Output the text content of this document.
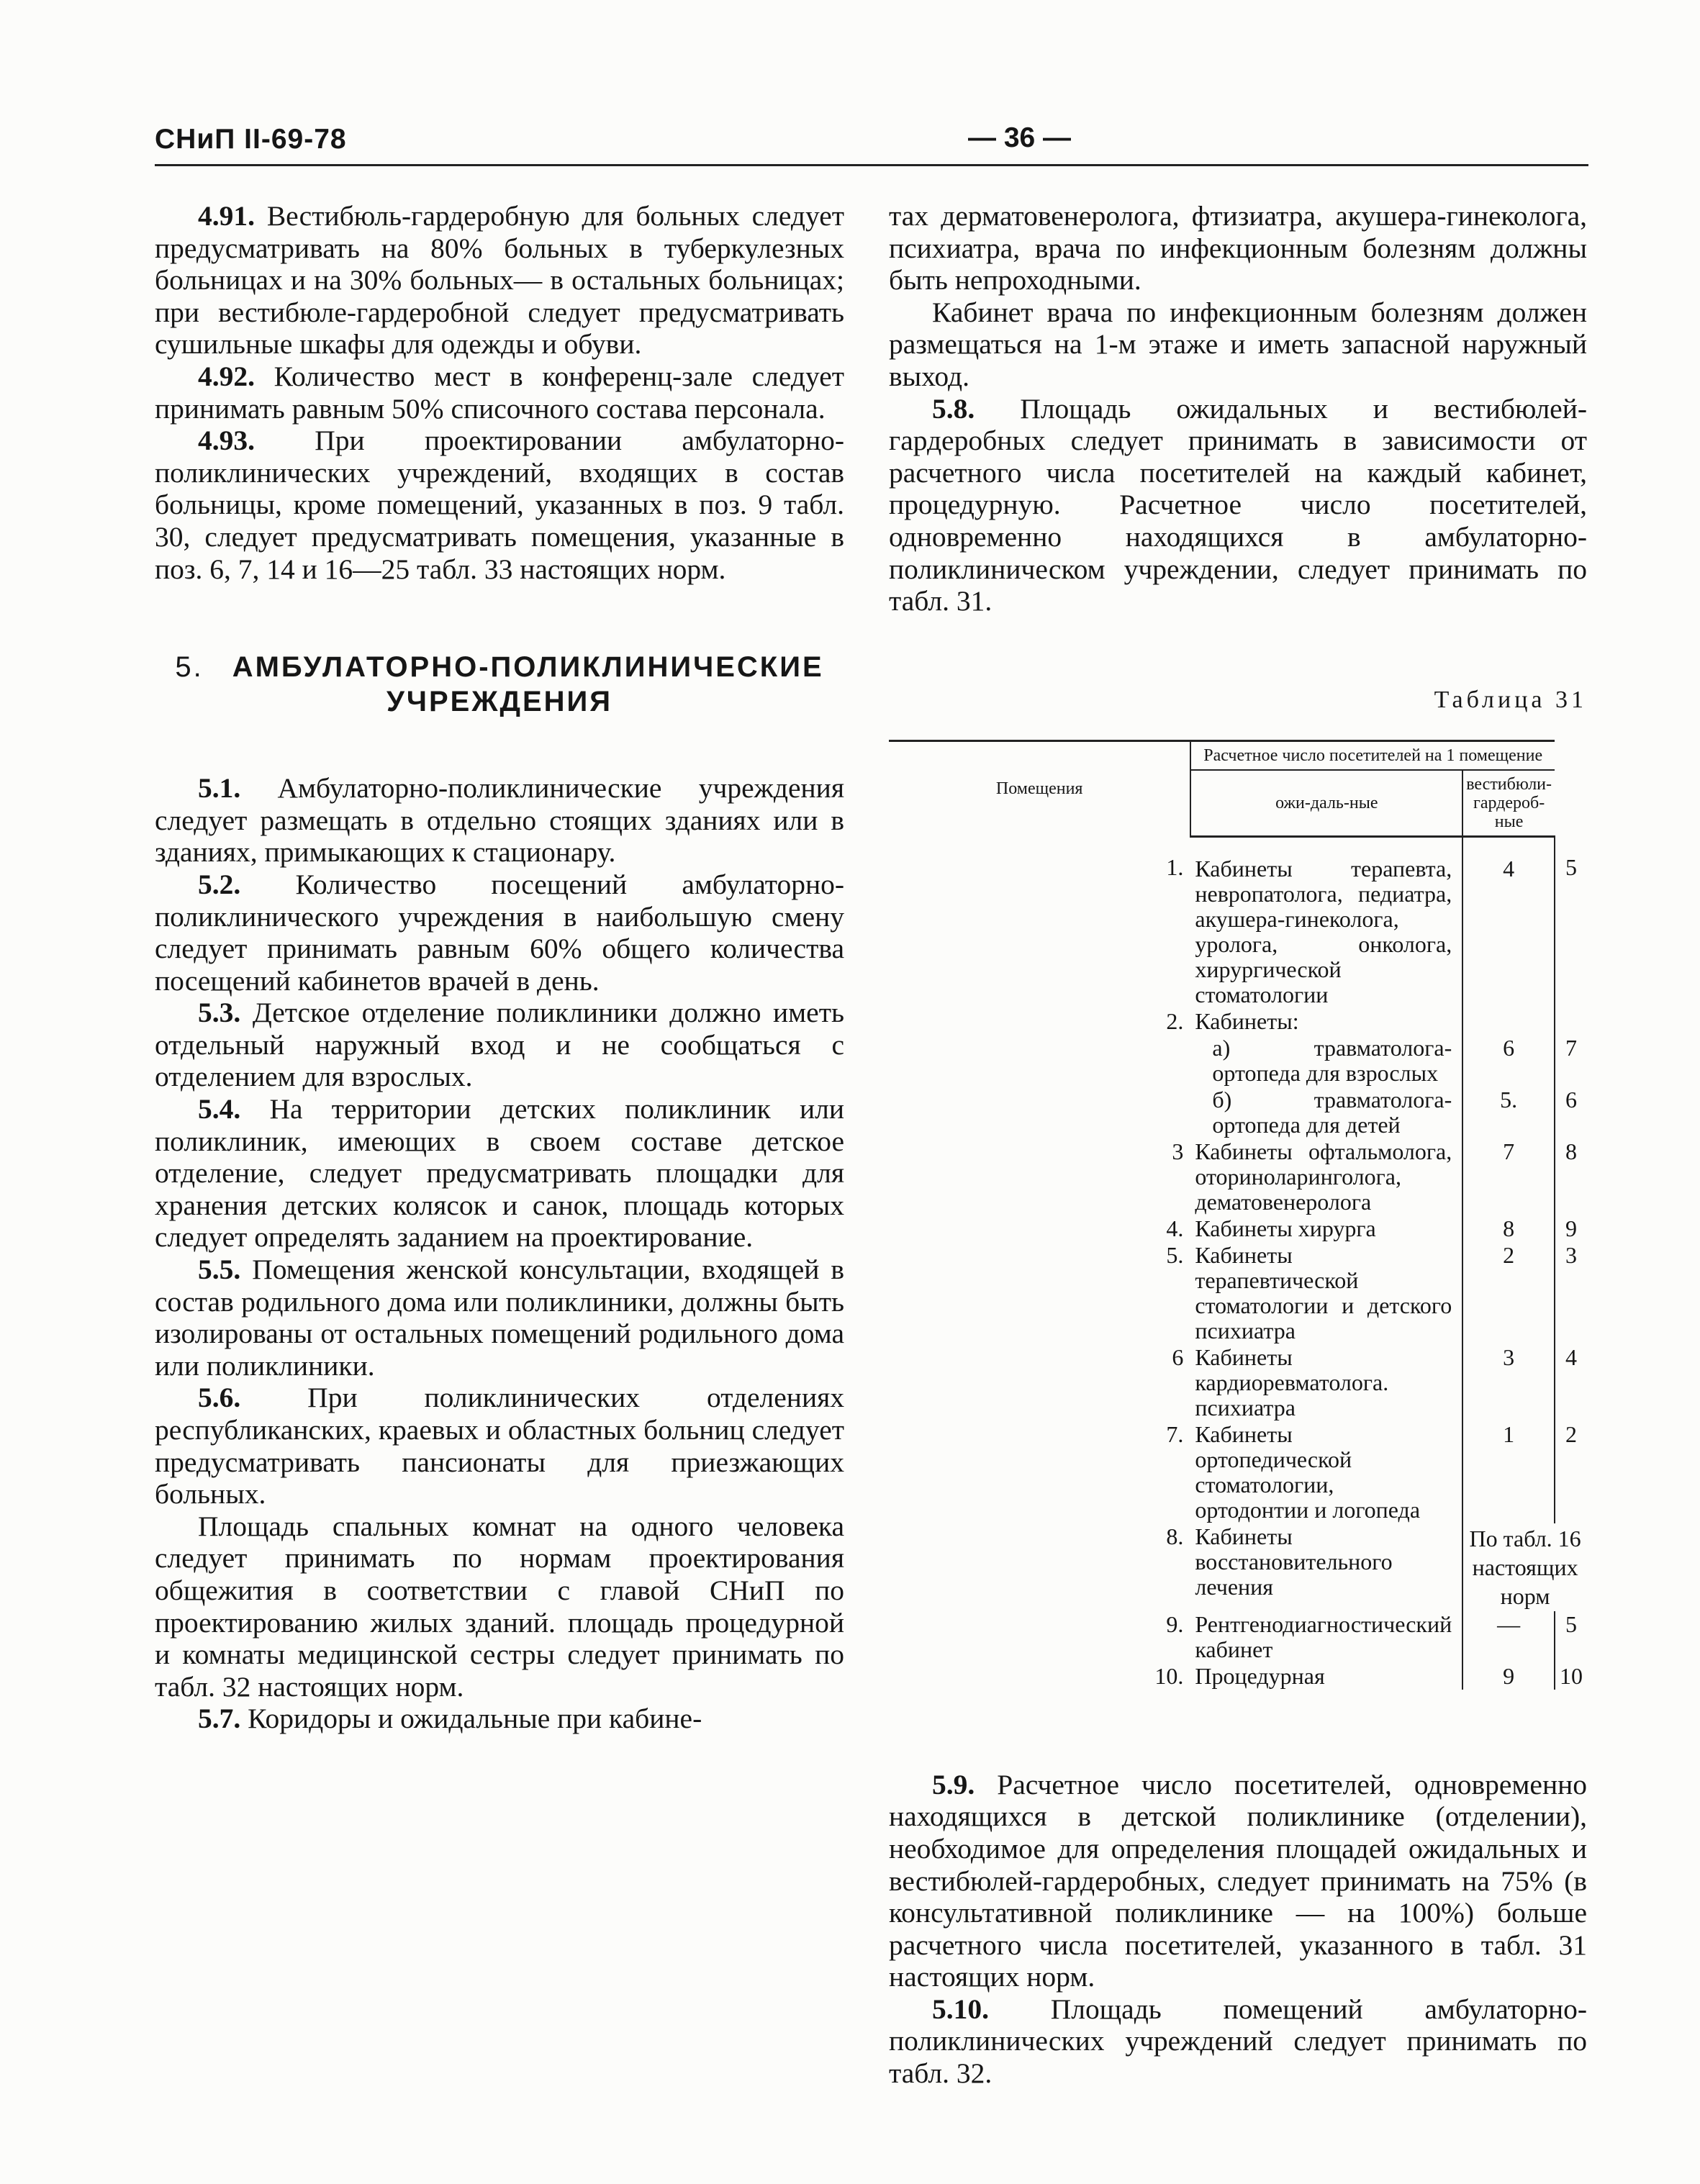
СНиП II-69-78	— 36 —

4.91. Вестибюль-гардеробную для больных следует предусматривать на 80% больных в туберкулезных больницах и на 30% больных— в остальных больницах; при вестибюле-гардеробной следует предусматривать сушильные шкафы для одежды и обуви.

4.92. Количество мест в конференц-зале следует принимать равным 50% списочного состава персонала.

4.93. При проектировании амбулаторно-поликлинических учреждений, входящих в состав больницы, кроме помещений, указанных в поз. 9 табл. 30, следует предусматривать помещения, указанные в поз. 6, 7, 14 и 16—25 табл. 33 настоящих норм.

5. АМБУЛАТОРНО-ПОЛИКЛИНИЧЕСКИЕ
УЧРЕЖДЕНИЯ

5.1. Амбулаторно-поликлинические учреждения следует размещать в отдельно стоящих зданиях или в зданиях, примыкающих к стационару.

5.2. Количество посещений амбулаторно-поликлинического учреждения в наибольшую смену следует принимать равным 60% общего количества посещений кабинетов врачей в день.

5.3. Детское отделение поликлиники должно иметь отдельный наружный вход и не сообщаться с отделением для взрослых.

5.4. На территории детских поликлиник или поликлиник, имеющих в своем составе детское отделение, следует предусматривать площадки для хранения детских колясок и санок, площадь которых следует определять заданием на проектирование.

5.5. Помещения женской консультации, входящей в состав родильного дома или поликлиники, должны быть изолированы от остальных помещений родильного дома или поликлиники.

5.6. При поликлинических отделениях республиканских, краевых и областных больниц следует предусматривать пансионаты для приезжающих больных.

Площадь спальных комнат на одного человека следует принимать по нормам проектирования общежития в соответствии с главой СНиП по проектированию жилых зданий. площадь процедурной и комнаты медицинской сестры следует принимать по табл. 32 настоящих норм.

5.7. Коридоры и ожидальные при кабине-

тах дерматовенеролога, фтизиатра, акушера-гинеколога, психиатра, врача по инфекционным болезням должны быть непроходными.

Кабинет врача по инфекционным болезням должен размещаться на 1-м этаже и иметь запасной наружный выход.

5.8. Площадь ожидальных и вестибюлей-гардеробных следует принимать в зависимости от расчетного числа посетителей на каждый кабинет, процедурную. Расчетное число посетителей, одновременно находящихся в амбулаторно-поликлиническом учреждении, следует принимать по табл. 31.

Таблица 31
Помещения	Расчетное число посетителей на 1 помещение		
	ожи-даль-ные	вестибюли-гардероб-ные	
1.	Кабинеты терапевта, невропатолога, педиатра, акушера-гинеколога, уролога, онколога, хирургической стоматологии	4	5
2.	Кабинеты:		
	а) травматолога-ортопеда для взрослых	6	7
	б) травматолога-ортопеда для детей	5.	6
3	Кабинеты офтальмолога, оториноларинголога, дематовенеролога	7	8
4.	Кабинеты хирурга	8	9
5.	Кабинеты терапевтической стоматологии и детского психиатра	2	3
6	Кабинеты кардиоревматолога. психиатра	3	4
7.	Кабинеты ортопедической стоматологии, ортодонтии и логопеда	1	2
8.	Кабинеты восстановительного лечения	По табл. 16 настоящих норм	
9.	Рентгенодиагностический кабинет	—	5
10.	Процедурная	9	10

5.9. Расчетное число посетителей, одновременно находящихся в детской поликлинике (отделении), необходимое для определения площадей ожидальных и вестибюлей-гардеробных, следует принимать на 75% (в консультативной поликлинике — на 100%) больше расчетного числа посетителей, указанного в табл. 31 настоящих норм.

5.10. Площадь помещений амбулаторно-поликлинических учреждений следует принимать по табл. 32.
